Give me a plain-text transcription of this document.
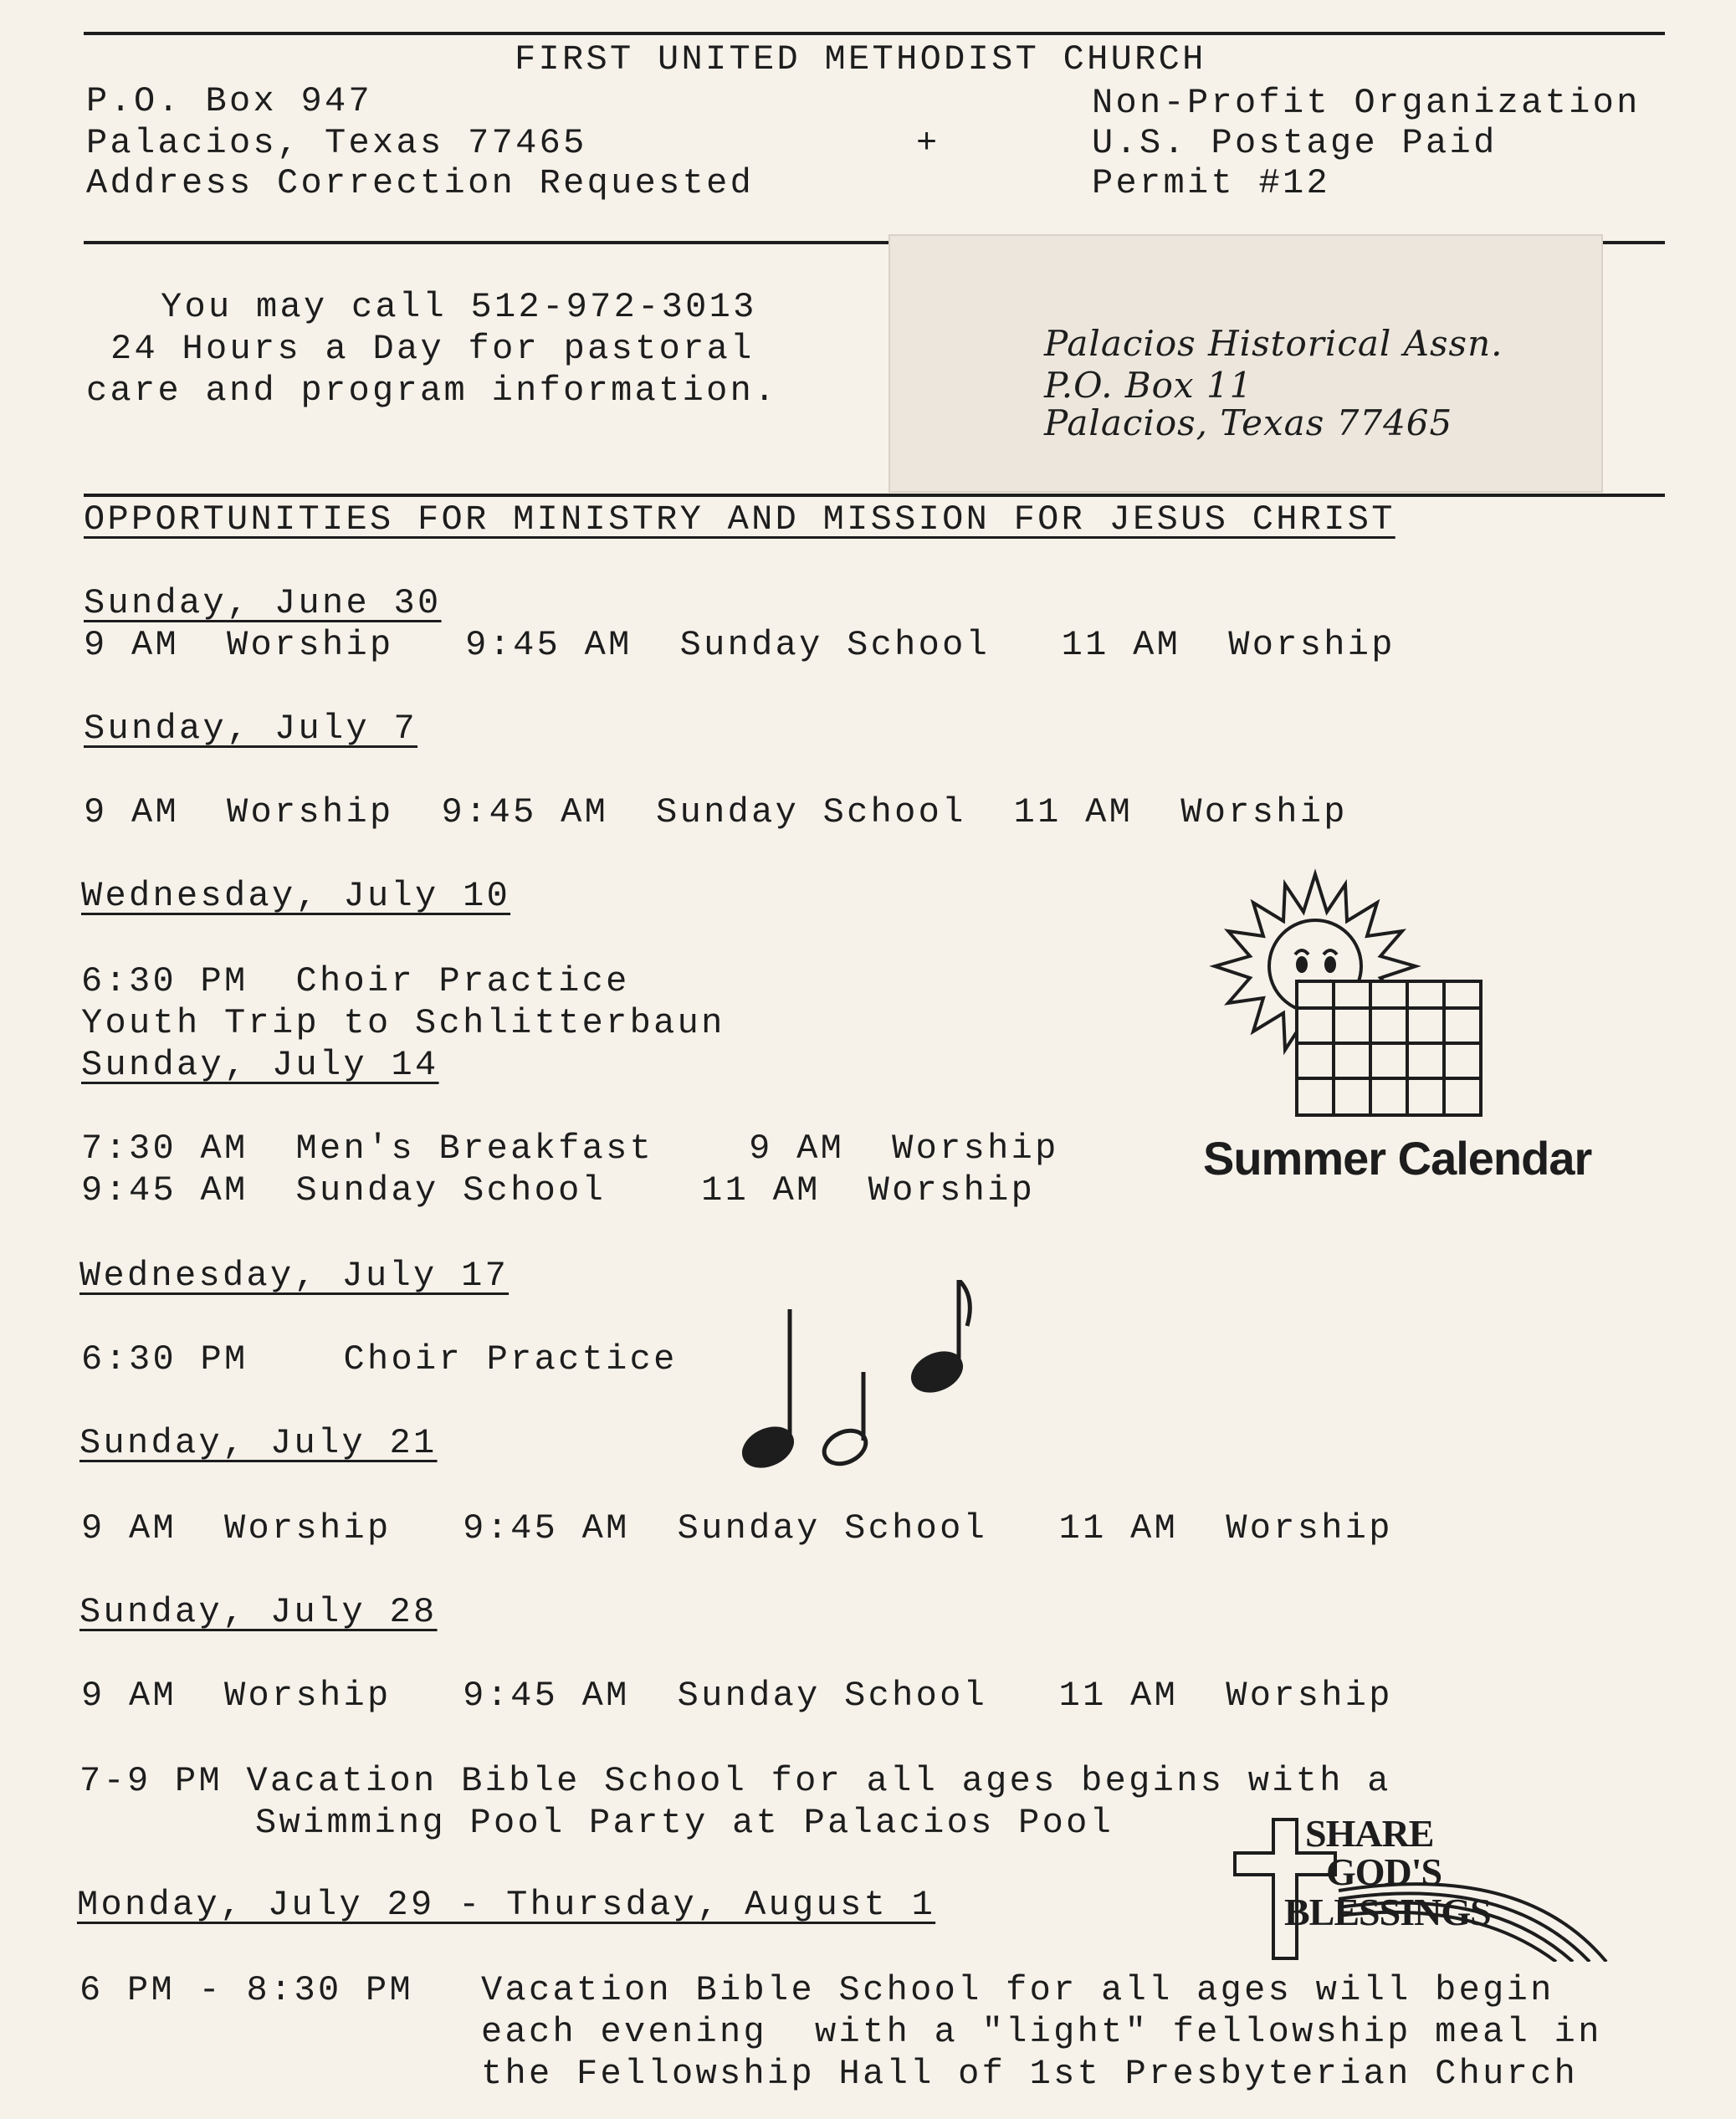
FIRST UNITED METHODIST CHURCH
P.O. Box 947
Palacios, Texas 77465
Address Correction Requested
+
Non-Profit Organization
U.S. Postage Paid
Permit #12
You may call 512-972-3013
24 Hours a Day for pastoral
care and program information.
Palacios Historical Assn.
P.O. Box 11
Palacios, Texas 77465
OPPORTUNITIES FOR MINISTRY AND MISSION FOR JESUS CHRIST
Sunday, June 30
9 AM  Worship   9:45 AM  Sunday School   11 AM  Worship
Sunday, July 7
9 AM  Worship  9:45 AM  Sunday School  11 AM  Worship
Wednesday, July 10
6:30 PM  Choir Practice
Youth Trip to Schlitterbaun
Sunday, July 14
7:30 AM  Men's Breakfast    9 AM  Worship
9:45 AM  Sunday School    11 AM  Worship
Wednesday, July 17
6:30 PM    Choir Practice
Sunday, July 21
9 AM  Worship   9:45 AM  Sunday School   11 AM  Worship
Sunday, July 28
9 AM  Worship   9:45 AM  Sunday School   11 AM  Worship
7-9 PM Vacation Bible School for all ages begins with a
Swimming Pool Party at Palacios Pool
Monday, July 29 - Thursday, August 1
6 PM - 8:30 PM Vacation Bible School for all ages will begin
each evening  with a "light" fellowship meal in
the Fellowship Hall of 1st Presbyterian Church
Summer Calendar
SHARE
GOD'S
BLESSINGS
